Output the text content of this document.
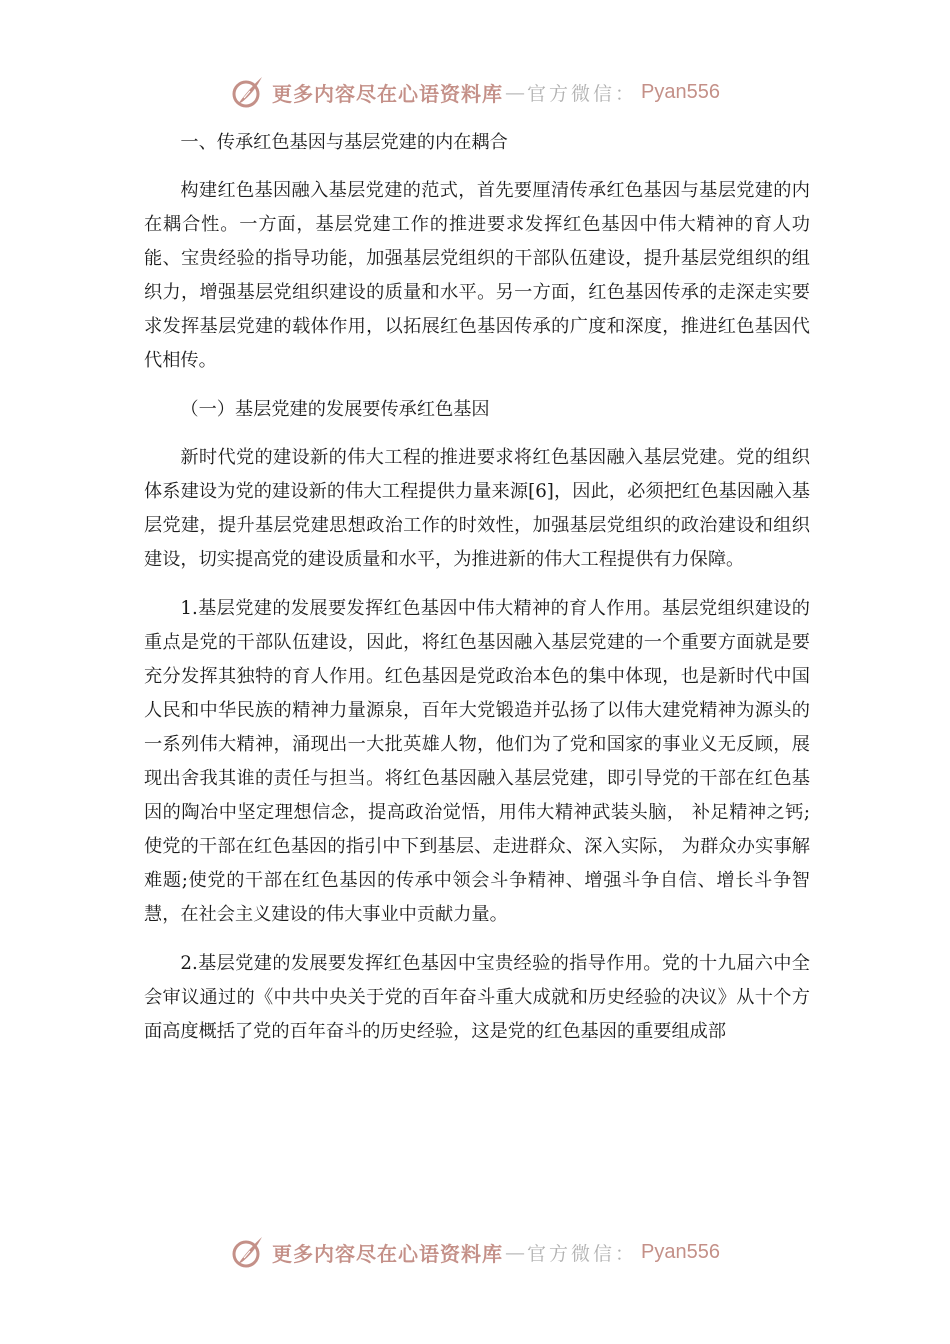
更多内容尽在心语资料库 — 官方微信： Pyan556

一、传承红色基因与基层党建的内在耦合

构建红色基因融入基层党建的范式，首先要厘清传承红色基因与基层党建的内在耦合性。一方面，基层党建工作的推进要求发挥红色基因中伟大精神的育人功能、宝贵经验的指导功能，加强基层党组织的干部队伍建设，提升基层党组织的组织力，增强基层党组织建设的质量和水平。另一方面，红色基因传承的走深走实要求发挥基层党建的载体作用，以拓展红色基因传承的广度和深度，推进红色基因代代相传。

（一）基层党建的发展要传承红色基因

新时代党的建设新的伟大工程的推进要求将红色基因融入基层党建。党的组织体系建设为党的建设新的伟大工程提供力量来源[6]，因此，必须把红色基因融入基层党建，提升基层党建思想政治工作的时效性，加强基层党组织的政治建设和组织建设，切实提高党的建设质量和水平，为推进新的伟大工程提供有力保障。

1.基层党建的发展要发挥红色基因中伟大精神的育人作用。基层党组织建设的重点是党的干部队伍建设，因此，将红色基因融入基层党建的一个重要方面就是要充分发挥其独特的育人作用。红色基因是党政治本色的集中体现，也是新时代中国人民和中华民族的精神力量源泉，百年大党锻造并弘扬了以伟大建党精神为源头的一系列伟大精神，涌现出一大批英雄人物，他们为了党和国家的事业义无反顾，展现出舍我其谁的责任与担当。将红色基因融入基层党建，即引导党的干部在红色基因的陶冶中坚定理想信念，提高政治觉悟，用伟大精神武装头脑， 补足精神之钙;使党的干部在红色基因的指引中下到基层、走进群众、深入实际， 为群众办实事解难题;使党的干部在红色基因的传承中领会斗争精神、增强斗争自信、增长斗争智慧，在社会主义建设的伟大事业中贡献力量。

2.基层党建的发展要发挥红色基因中宝贵经验的指导作用。党的十九届六中全会审议通过的《中共中央关于党的百年奋斗重大成就和历史经验的决议》从十个方面高度概括了党的百年奋斗的历史经验，这是党的红色基因的重要组成部

更多内容尽在心语资料库 — 官方微信： Pyan556
